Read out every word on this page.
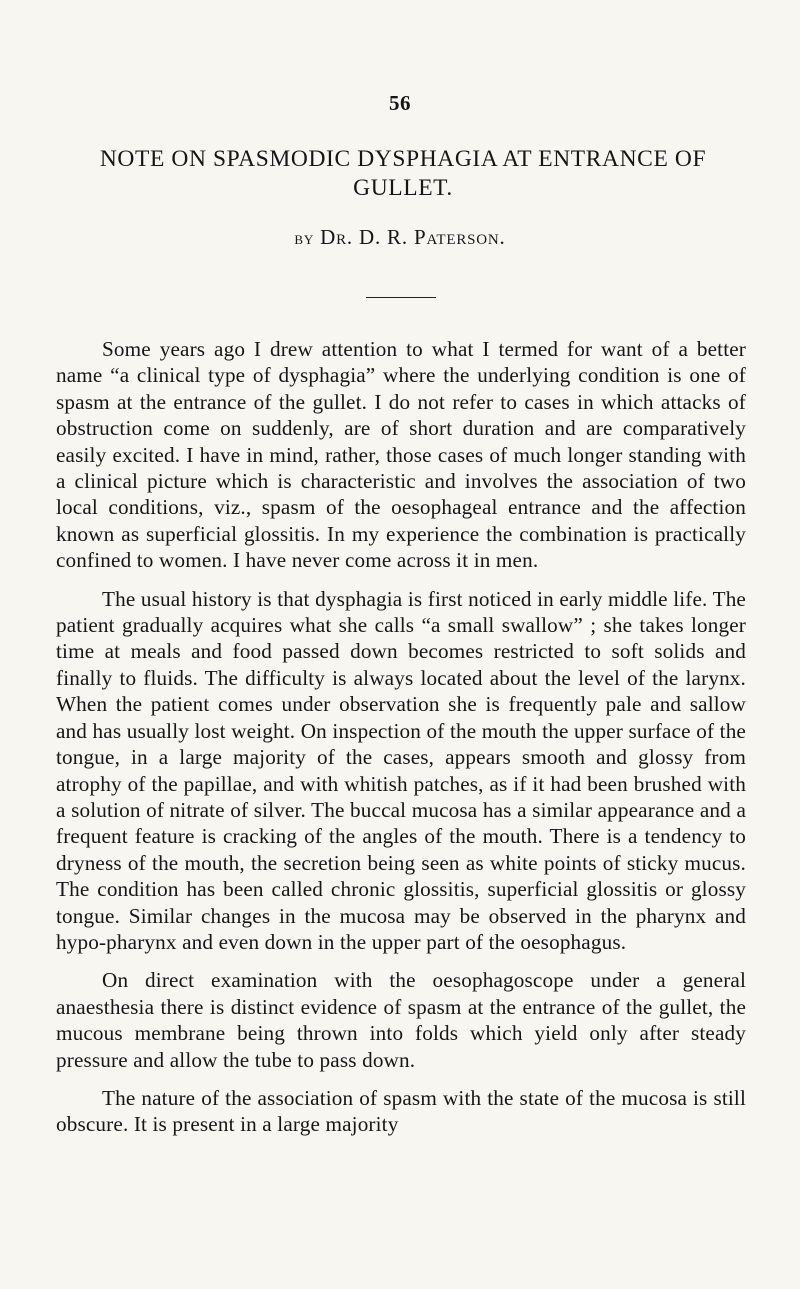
56
NOTE ON SPASMODIC DYSPHAGIA AT ENTRANCE OF GULLET.
by Dr. D. R. Paterson.

Some years ago I drew attention to what I termed for want of a better name “a clinical type of dysphagia” where the underlying condition is one of spasm at the entrance of the gullet. I do not refer to cases in which attacks of obstruction come on suddenly, are of short duration and are comparatively easily excited. I have in mind, rather, those cases of much longer standing with a clinical picture which is characteristic and involves the association of two local conditions, viz., spasm of the oesophageal entrance and the affection known as superficial glossitis. In my experience the combination is practically confined to women. I have never come across it in men.

The usual history is that dysphagia is first noticed in early middle life. The patient gradually acquires what she calls “a small swallow” ; she takes longer time at meals and food passed down becomes restricted to soft solids and finally to fluids. The difficulty is always located about the level of the larynx. When the patient comes under observation she is frequently pale and sallow and has usually lost weight. On inspection of the mouth the upper surface of the tongue, in a large majority of the cases, appears smooth and glossy from atrophy of the papillae, and with whitish patches, as if it had been brushed with a solution of nitrate of silver. The buccal mucosa has a similar appearance and a frequent feature is cracking of the angles of the mouth. There is a tendency to dryness of the mouth, the secretion being seen as white points of sticky mucus. The condition has been called chronic glossitis, superficial glossitis or glossy tongue. Similar changes in the mucosa may be observed in the pharynx and hypo-pharynx and even down in the upper part of the oesophagus.

On direct examination with the oesophagoscope under a general anaesthesia there is distinct evidence of spasm at the entrance of the gullet, the mucous membrane being thrown into folds which yield only after steady pressure and allow the tube to pass down.

The nature of the association of spasm with the state of the mucosa is still obscure. It is present in a large majority
